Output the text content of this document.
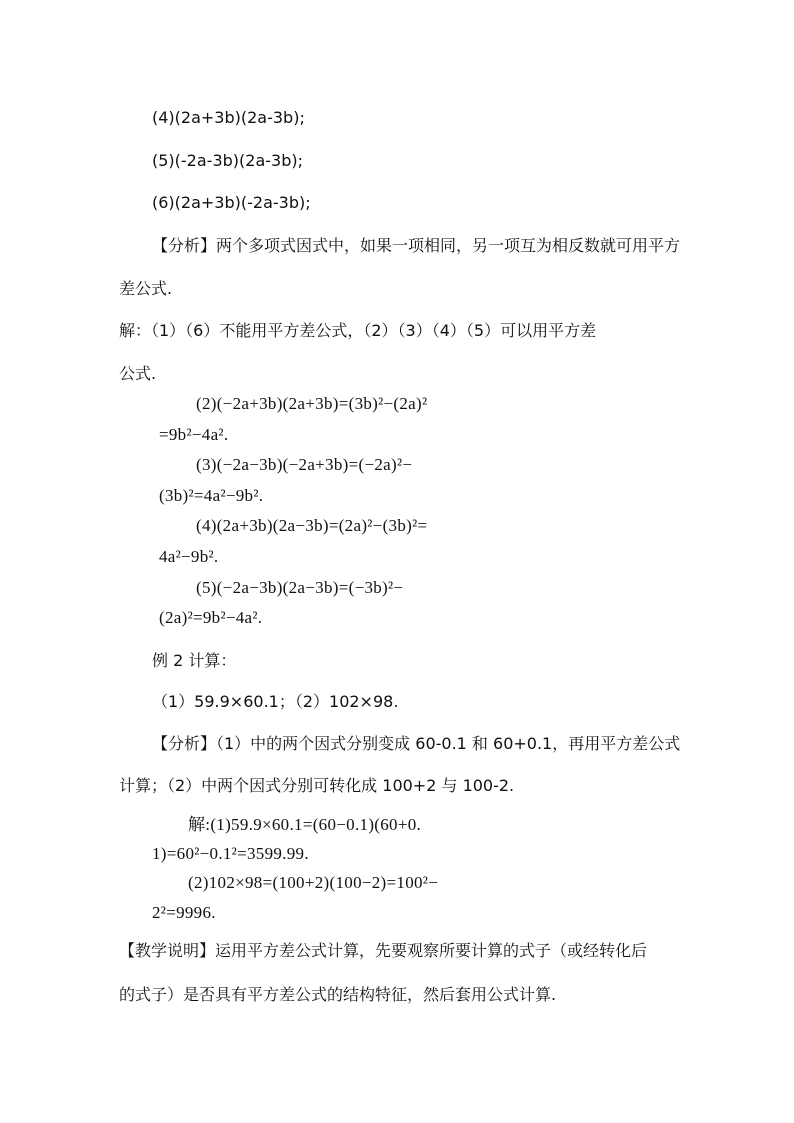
(4)(2a+3b)(2a-3b);
(5)(-2a-3b)(2a-3b);
(6)(2a+3b)(-2a-3b);
【分析】两个多项式因式中，如果一项相同，另一项互为相反数就可用平方
差公式.
解：（1）（6）不能用平方差公式，（2）（3）（4）（5）可以用平方差
公式.
(2)(−2a+3b)(2a+3b)=(3b)²−(2a)²
=9b²−4a².
(3)(−2a−3b)(−2a+3b)=(−2a)²−
(3b)²=4a²−9b².
(4)(2a+3b)(2a−3b)=(2a)²−(3b)²=
4a²−9b².
(5)(−2a−3b)(2a−3b)=(−3b)²−
(2a)²=9b²−4a².
例 2 计算：
（1）59.9×60.1；（2）102×98.
【分析】（1）中的两个因式分别变成 60-0.1 和 60+0.1，再用平方差公式
计算；（2）中两个因式分别可转化成 100+2 与 100-2.
解:(1)59.9×60.1=(60−0.1)(60+0.
1)=60²−0.1²=3599.99.
(2)102×98=(100+2)(100−2)=100²−
2²=9996.
【教学说明】运用平方差公式计算，先要观察所要计算的式子（或经转化后
的式子）是否具有平方差公式的结构特征，然后套用公式计算.
